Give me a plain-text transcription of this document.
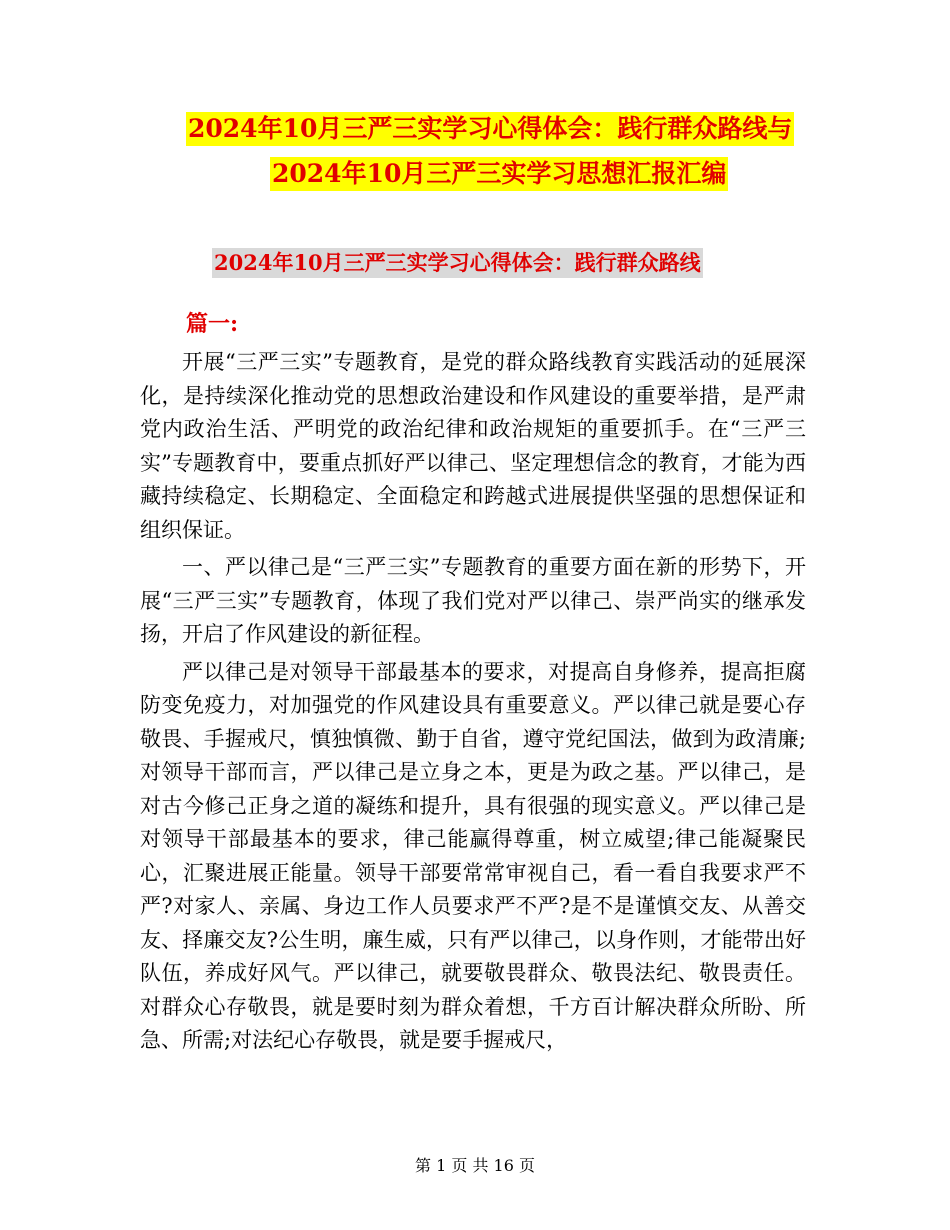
2024年10月三严三实学习心得体会：践行群众路线与
2024年10月三严三实学习思想汇报汇编
2024年10月三严三实学习心得体会：践行群众路线
篇一:

开展“三严三实”专题教育，是党的群众路线教育实践活动的延展深化，是持续深化推动党的思想政治建设和作风建设的重要举措，是严肃党内政治生活、严明党的政治纪律和政治规矩的重要抓手。在“三严三实”专题教育中，要重点抓好严以律己、坚定理想信念的教育，才能为西藏持续稳定、长期稳定、全面稳定和跨越式进展提供坚强的思想保证和组织保证。

一、严以律己是“三严三实”专题教育的重要方面在新的形势下，开展“三严三实”专题教育，体现了我们党对严以律己、崇严尚实的继承发扬，开启了作风建设的新征程。

严以律己是对领导干部最基本的要求，对提高自身修养，提高拒腐防变免疫力，对加强党的作风建设具有重要意义。严以律己就是要心存敬畏、手握戒尺，慎独慎微、勤于自省，遵守党纪国法，做到为政清廉;对领导干部而言，严以律己是立身之本，更是为政之基。严以律己，是对古今修己正身之道的凝练和提升，具有很强的现实意义。严以律己是对领导干部最基本的要求，律己能赢得尊重，树立威望;律己能凝聚民心，汇聚进展正能量。领导干部要常常审视自己，看一看自我要求严不严?对家人、亲属、身边工作人员要求严不严?是不是谨慎交友、从善交友、择廉交友?公生明，廉生威，只有严以律己，以身作则，才能带出好队伍，养成好风气。严以律己，就要敬畏群众、敬畏法纪、敬畏责任。对群众心存敬畏，就是要时刻为群众着想，千方百计解决群众所盼、所急、所需;对法纪心存敬畏，就是要手握戒尺，

第 1 页 共 16 页
